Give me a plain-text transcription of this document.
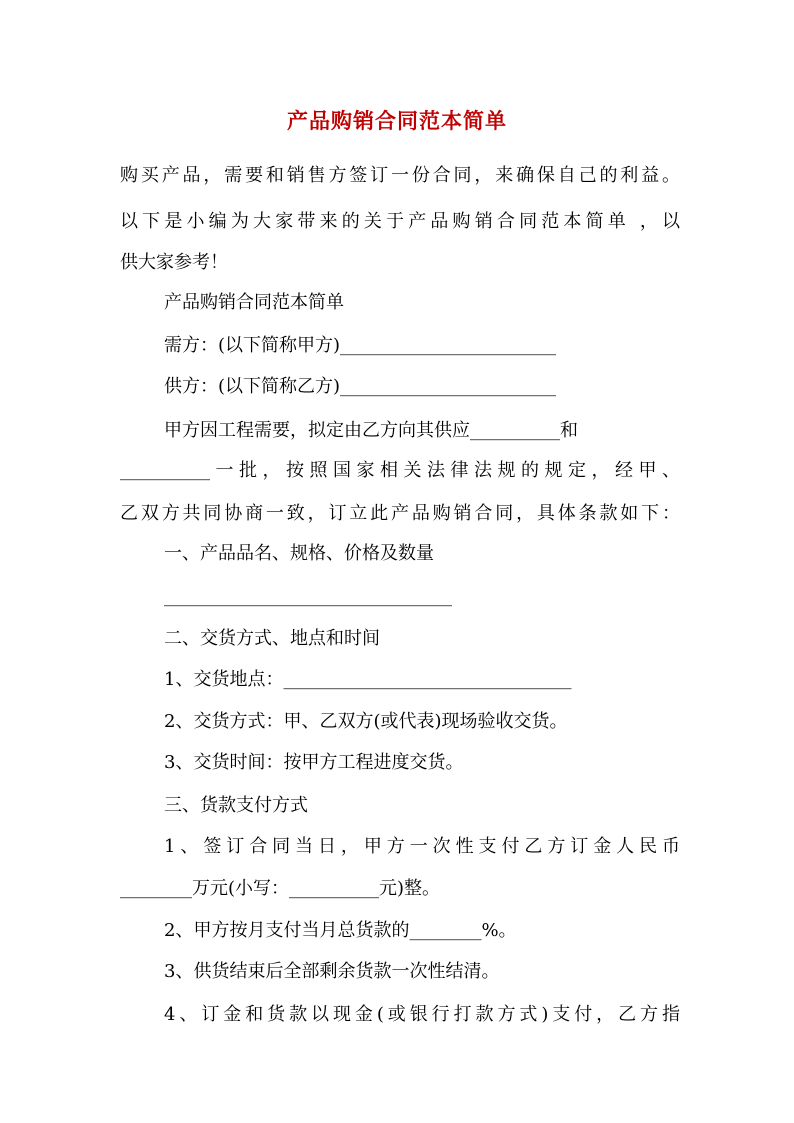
产品购销合同范本简单
购买产品，需要和销售方签订一份合同，来确保自己的利益。
以下是小编为大家带来的关于产品购销合同范本简单 ，以
供大家参考！
产品购销合同范本简单
需方：(以下简称甲方)________________________
供方：(以下简称乙方)________________________
甲方因工程需要，拟定由乙方向其供应__________和
__________一批，按照国家相关法律法规的规定，经甲、
乙双方共同协商一致，订立此产品购销合同，具体条款如下：
一、产品品名、规格、价格及数量
________________________________
二、交货方式、地点和时间
1、交货地点：________________________________
2、交货方式：甲、乙双方(或代表)现场验收交货。
3、交货时间：按甲方工程进度交货。
三、货款支付方式
1、签订合同当日，甲方一次性支付乙方订金人民币
________万元(小写：__________元)整。
2、甲方按月支付当月总货款的________%。
3、供货结束后全部剩余货款一次性结清。
4、订金和货款以现金(或银行打款方式)支付，乙方指
